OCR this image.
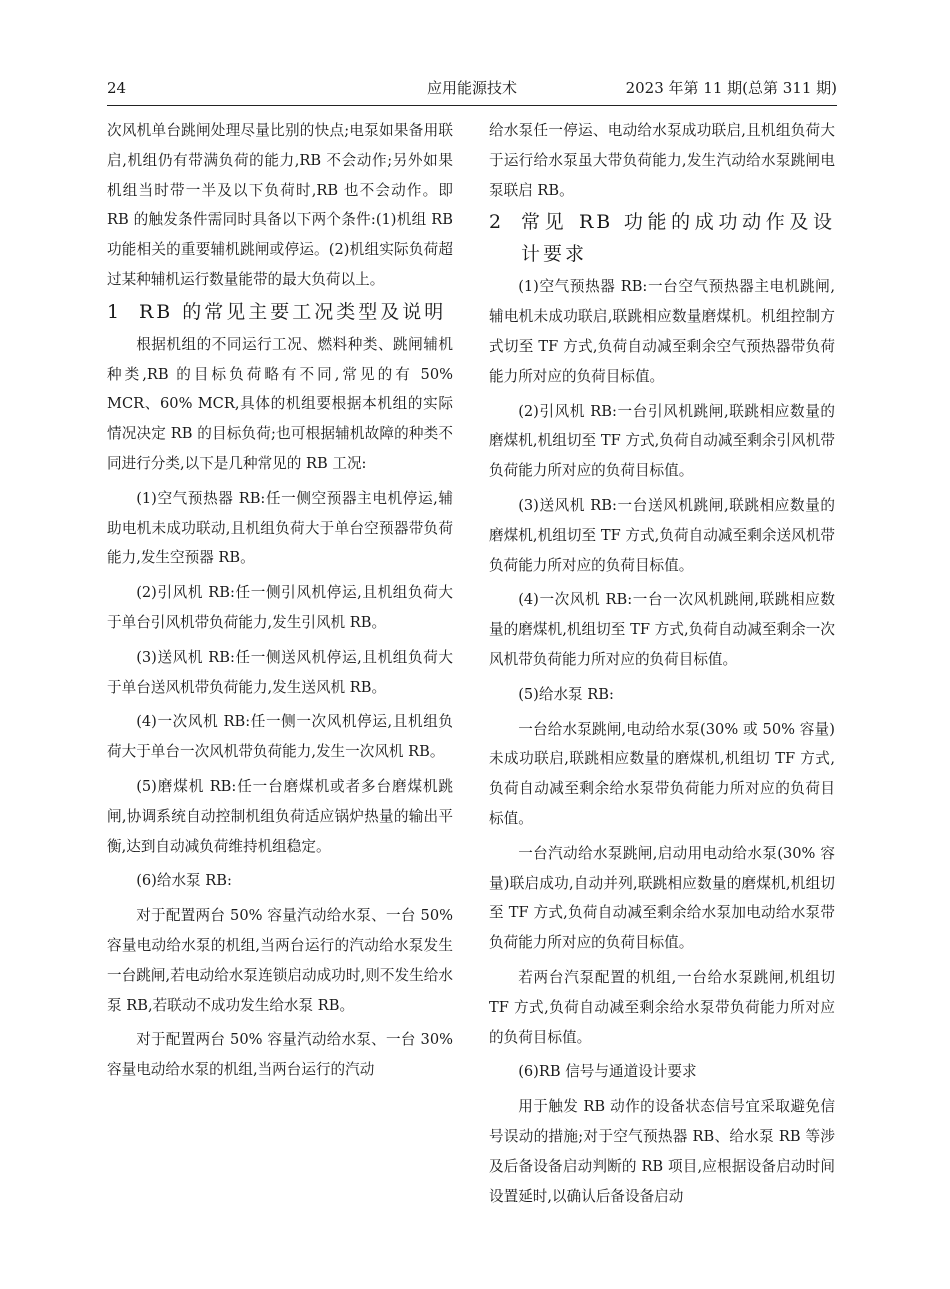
24	应用能源技术	2023 年第 11 期(总第 311 期)

次风机单台跳闸处理尽量比别的快点;电泵如果备用联启,机组仍有带满负荷的能力,RB 不会动作;另外如果机组当时带一半及以下负荷时,RB 也不会动作。即 RB 的触发条件需同时具备以下两个条件:(1)机组 RB 功能相关的重要辅机跳闸或停运。(2)机组实际负荷超过某种辅机运行数量能带的最大负荷以上。

1 RB 的常见主要工况类型及说明

根据机组的不同运行工况、燃料种类、跳闸辅机种类,RB 的目标负荷略有不同,常见的有 50% MCR、60% MCR,具体的机组要根据本机组的实际情况决定 RB 的目标负荷;也可根据辅机故障的种类不同进行分类,以下是几种常见的 RB 工况:

(1)空气预热器 RB:任一侧空预器主电机停运,辅助电机未成功联动,且机组负荷大于单台空预器带负荷能力,发生空预器 RB。

(2)引风机 RB:任一侧引风机停运,且机组负荷大于单台引风机带负荷能力,发生引风机 RB。

(3)送风机 RB:任一侧送风机停运,且机组负荷大于单台送风机带负荷能力,发生送风机 RB。

(4)一次风机 RB:任一侧一次风机停运,且机组负荷大于单台一次风机带负荷能力,发生一次风机 RB。

(5)磨煤机 RB:任一台磨煤机或者多台磨煤机跳闸,协调系统自动控制机组负荷适应锅炉热量的输出平衡,达到自动减负荷维持机组稳定。

(6)给水泵 RB:

对于配置两台 50% 容量汽动给水泵、一台 50% 容量电动给水泵的机组,当两台运行的汽动给水泵发生一台跳闸,若电动给水泵连锁启动成功时,则不发生给水泵 RB,若联动不成功发生给水泵 RB。

对于配置两台 50% 容量汽动给水泵、一台 30% 容量电动给水泵的机组,当两台运行的汽动

给水泵任一停运、电动给水泵成功联启,且机组负荷大于运行给水泵虽大带负荷能力,发生汽动给水泵跳闸电泵联启 RB。

2 常见 RB 功能的成功动作及设计要求

(1)空气预热器 RB:一台空气预热器主电机跳闸,辅电机未成功联启,联跳相应数量磨煤机。机组控制方式切至 TF 方式,负荷自动减至剩余空气预热器带负荷能力所对应的负荷目标值。

(2)引风机 RB:一台引风机跳闸,联跳相应数量的磨煤机,机组切至 TF 方式,负荷自动减至剩余引风机带负荷能力所对应的负荷目标值。

(3)送风机 RB:一台送风机跳闸,联跳相应数量的磨煤机,机组切至 TF 方式,负荷自动减至剩余送风机带负荷能力所对应的负荷目标值。

(4)一次风机 RB:一台一次风机跳闸,联跳相应数量的磨煤机,机组切至 TF 方式,负荷自动减至剩余一次风机带负荷能力所对应的负荷目标值。

(5)给水泵 RB:

一台给水泵跳闸,电动给水泵(30% 或 50% 容量)未成功联启,联跳相应数量的磨煤机,机组切 TF 方式,负荷自动减至剩余给水泵带负荷能力所对应的负荷目标值。

一台汽动给水泵跳闸,启动用电动给水泵(30% 容量)联启成功,自动并列,联跳相应数量的磨煤机,机组切至 TF 方式,负荷自动减至剩余给水泵加电动给水泵带负荷能力所对应的负荷目标值。

若两台汽泵配置的机组,一台给水泵跳闸,机组切 TF 方式,负荷自动减至剩余给水泵带负荷能力所对应的负荷目标值。

(6)RB 信号与通道设计要求

用于触发 RB 动作的设备状态信号宜采取避免信号误动的措施;对于空气预热器 RB、给水泵 RB 等涉及后备设备启动判断的 RB 项目,应根据设备启动时间设置延时,以确认后备设备启动
